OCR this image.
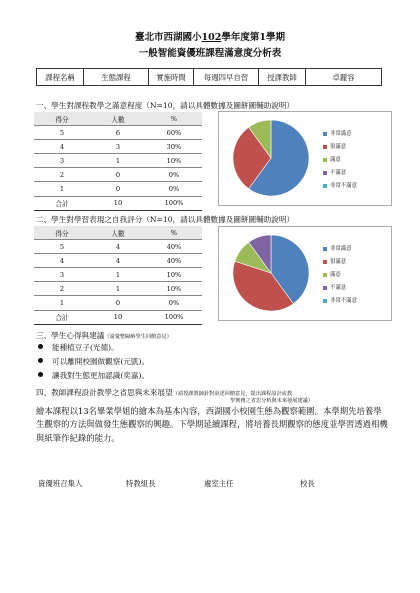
臺北市西湖國小102學年度第1學期
一般智能資優班課程滿意度分析表
課程名稱	生態課程	實施時間	每週四早自習	授課教師	卓麗容
一、學生對課程教學之滿意程度（N=10，請以具體數據及圖餅圖輔助說明）
得分	人數	%
5	6	60%
4	3	30%
3	1	10%
2	0	0%
1	0	0%
合計	10	100%
非常滿意
很滿意
滿意
不滿意
非常不滿意
二、學生對學習表現之自我評分（N=10，請以具體數據及圖餅圖輔助說明）
得分	人數	%
5	4	40%
4	4	40%
3	1	10%
2	1	10%
1	0	0%
合計	10	100%
非常滿意
很滿意
滿意
不滿意
非常不滿意
三、學生心得與建議（請彙整歸納學生回饋意見）
能種植豆子(光德)。
可以離開校園做觀察(元凱)。
讓我對生態更加認識(奕嘉)。
四、教師課程設計教學之省思與未來展望（請授課教師針對前述回饋意見，提出課程設計或教
學實務之省思分析與未來發展建議）
繪本課程以13名畢業學姐的繪本為基本內容，西湖國小校園生態為觀察範圍。本學期先培養學生觀察的方法與做發生態觀察的興趣。下學期延續課程，將培養長期觀察的態度並學習透過相機與紙筆作紀錄的能力。
資優班召集人	特教組長	處室主任	校長
